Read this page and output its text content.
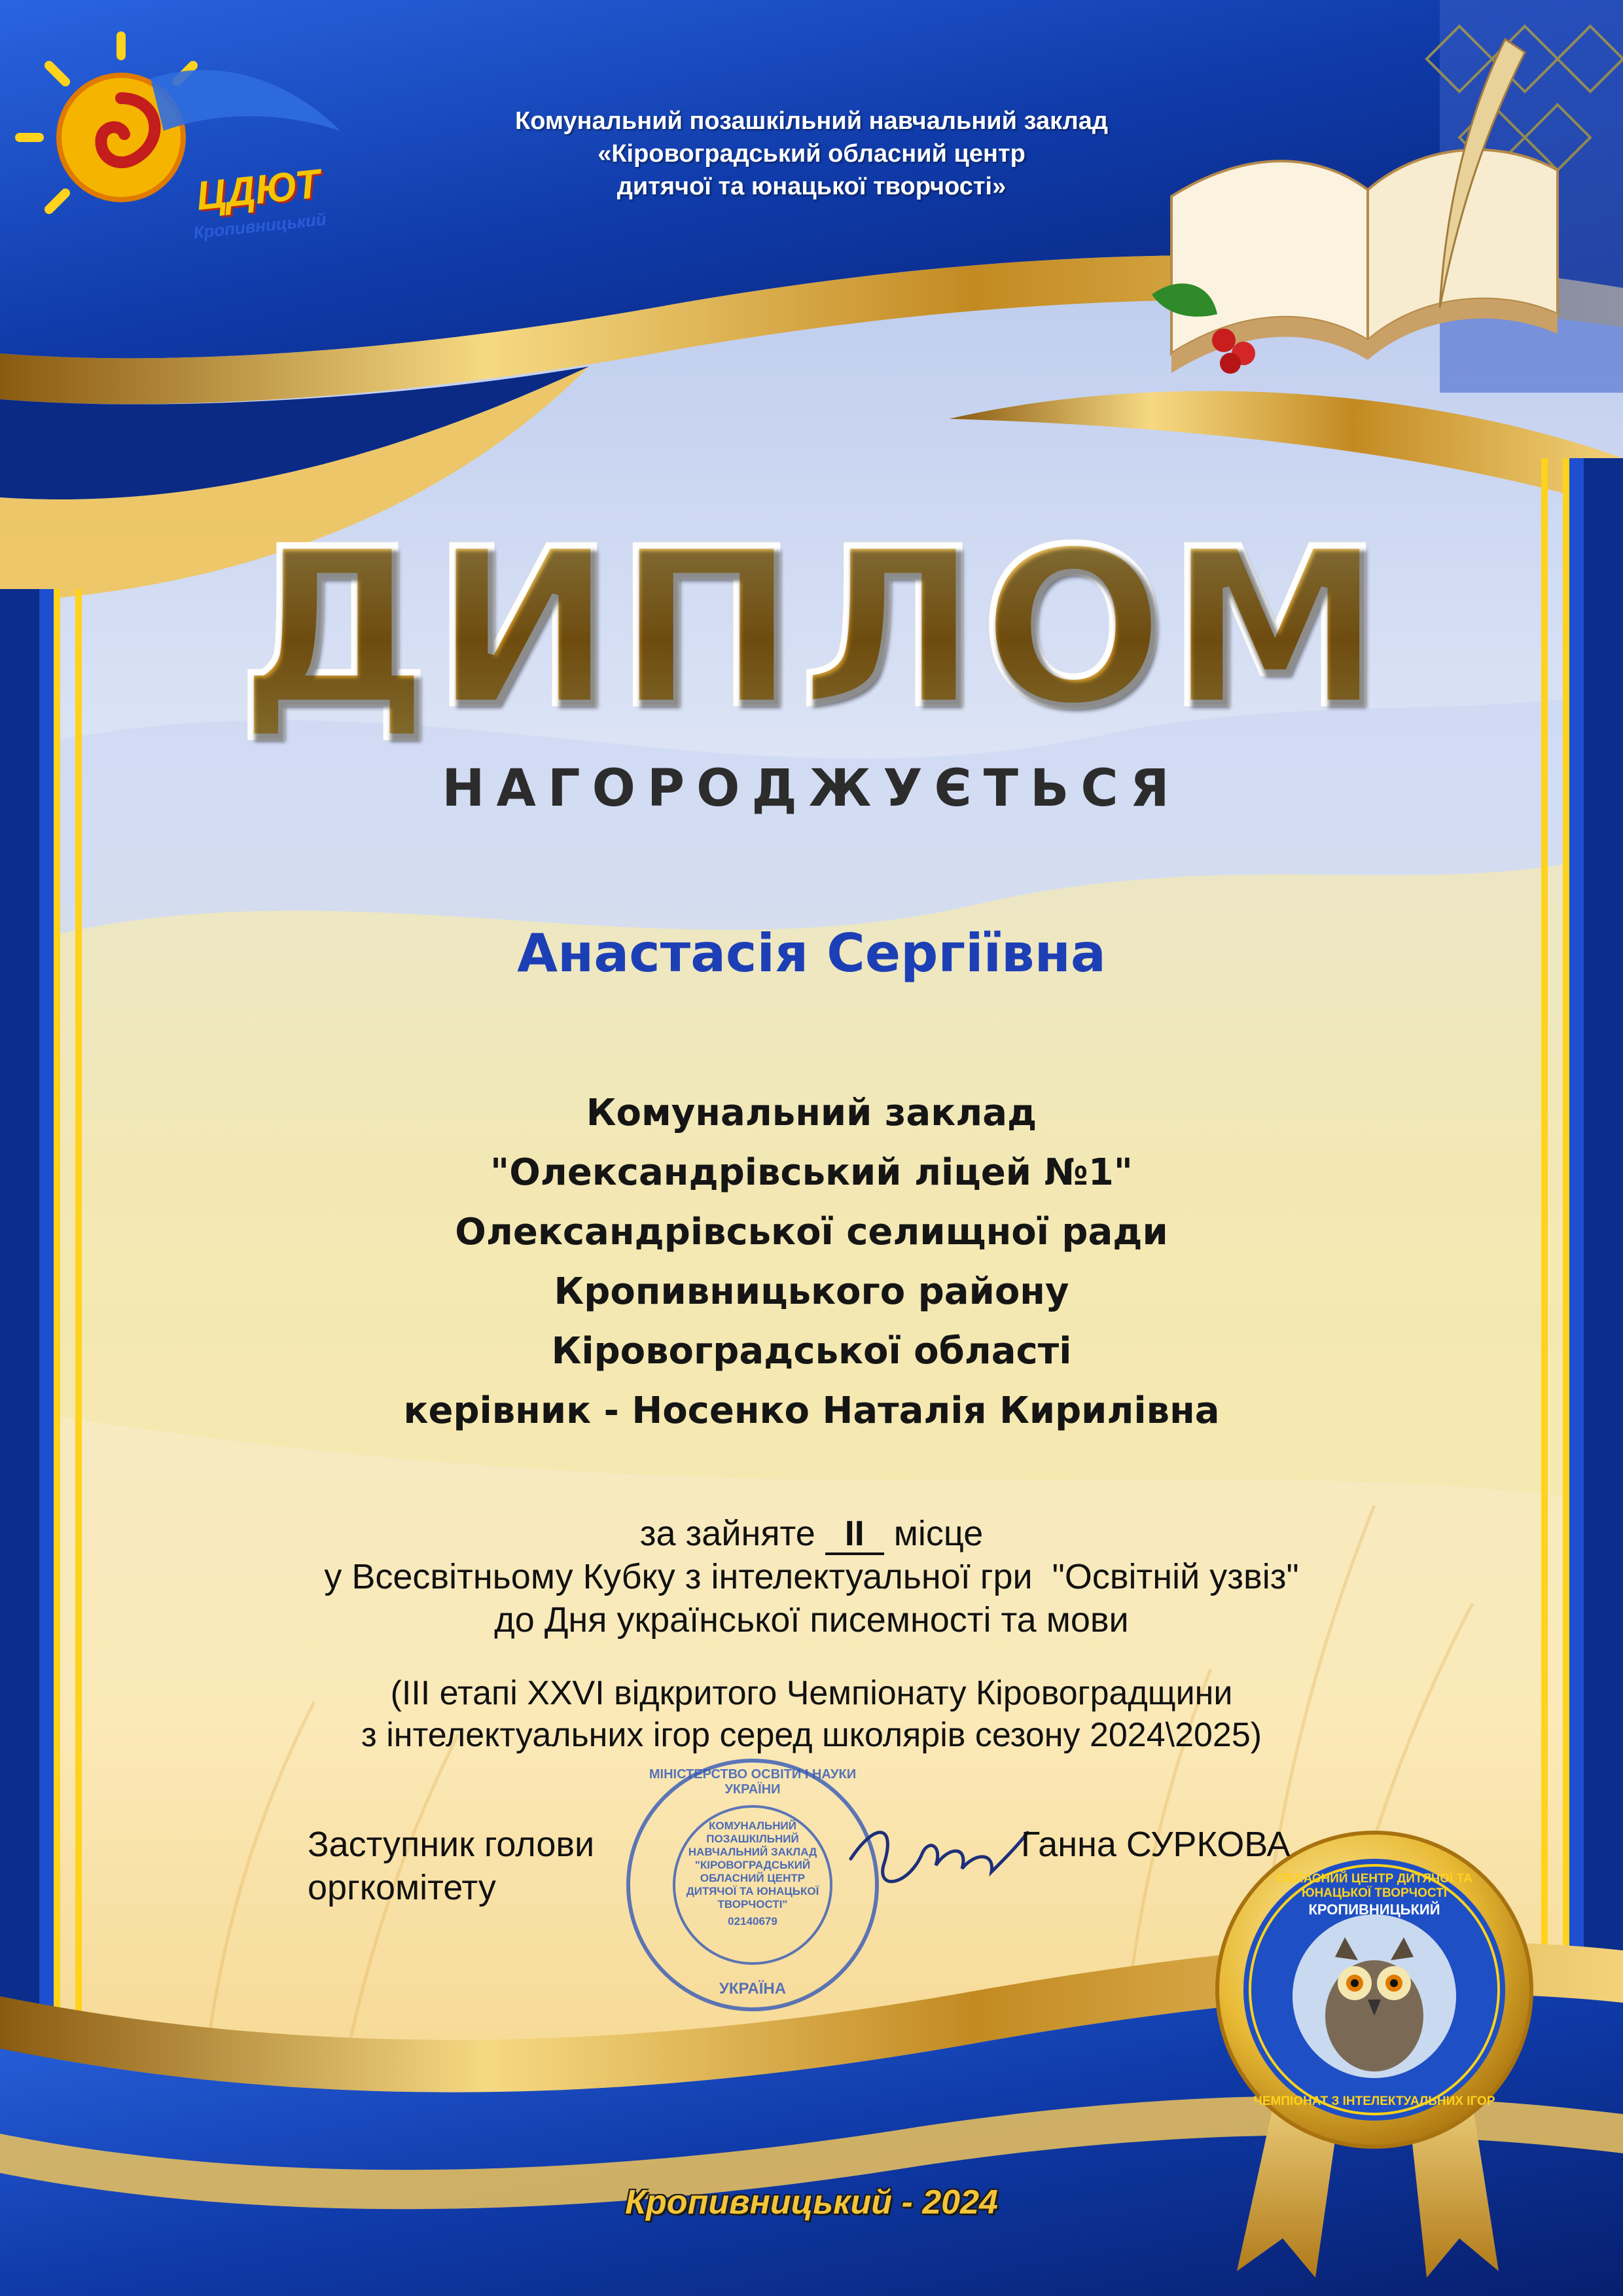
Комунальний позашкільний навчальний заклад
«Кіровоградський обласний центр
дитячої та юнацької творчості»
ЦДЮТ
Кропивницький
ДИПЛОМ
НАГОРОДЖУЄТЬСЯ
Анастасія Сергіївна
Комунальний заклад
"Олександрівський ліцей №1"
Олександрівської селищної ради
Кропивницького району
Кіровоградської області
керівник - Носенко Наталія Кирилівна
за зайняте ІІ місце
у Всесвітньому Кубку з інтелектуальної гри  "Освітній узвіз"
до Дня української писемності та мови
(ІІІ етапі XXVI відкритого Чемпіонату Кіровоградщини
з інтелектуальних ігор серед школярів сезону 2024\2025)
Заступник голови
оргкомітету
Ганна СУРКОВА
КОМУНАЛЬНИЙ
ПОЗАШКІЛЬНИЙ
НАВЧАЛЬНИЙ ЗАКЛАД
"КІРОВОГРАДСЬКИЙ
ОБЛАСНИЙ ЦЕНТР
ДИТЯЧОЇ ТА ЮНАЦЬКОЇ
ТВОРЧОСТІ"
02140679
МІНІСТЕРСТВО ОСВІТИ І НАУКИ УКРАЇНИ
УКРАЇНА
ОБЛАСНИЙ ЦЕНТР ДИТЯЧОЇ ТА ЮНАЦЬКОЇ ТВОРЧОСТІ
КРОПИВНИЦЬКИЙ
ЧЕМПІОНАТ З ІНТЕЛЕКТУАЛЬНИХ ІГОР
Кропивницький - 2024
